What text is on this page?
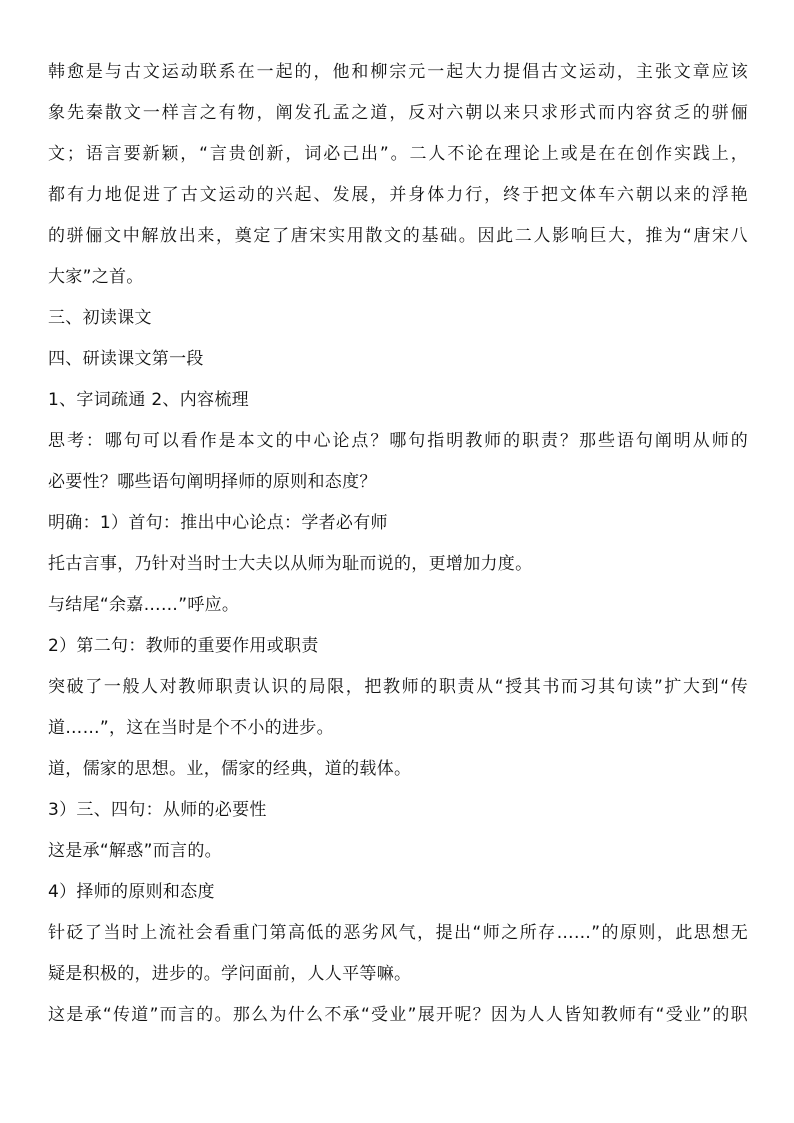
韩愈是与古文运动联系在一起的，他和柳宗元一起大力提倡古文运动，主张文章应该
象先秦散文一样言之有物，阐发孔孟之道，反对六朝以来只求形式而内容贫乏的骈俪
文；语言要新颖，“言贵创新，词必己出”。二人不论在理论上或是在在创作实践上，
都有力地促进了古文运动的兴起、发展，并身体力行，终于把文体车六朝以来的浮艳
的骈俪文中解放出来，奠定了唐宋实用散文的基础。因此二人影响巨大，推为“唐宋八
大家”之首。
三、初读课文
四、研读课文第一段
1、字词疏通 2、内容梳理
思考：哪句可以看作是本文的中心论点？哪句指明教师的职责？那些语句阐明从师的
必要性？哪些语句阐明择师的原则和态度？
明确：1）首句：推出中心论点：学者必有师
托古言事，乃针对当时士大夫以从师为耻而说的，更增加力度。
与结尾“余嘉……”呼应。
2）第二句：教师的重要作用或职责
突破了一般人对教师职责认识的局限，把教师的职责从“授其书而习其句读”扩大到“传
道……”，这在当时是个不小的进步。
道，儒家的思想。业，儒家的经典，道的载体。
3）三、四句：从师的必要性
这是承“解惑”而言的。
4）择师的原则和态度
针砭了当时上流社会看重门第高低的恶劣风气，提出“师之所存……”的原则，此思想无
疑是积极的，进步的。学问面前，人人平等嘛。
这是承“传道”而言的。那么为什么不承“受业”展开呢？因为人人皆知教师有“受业”的职
